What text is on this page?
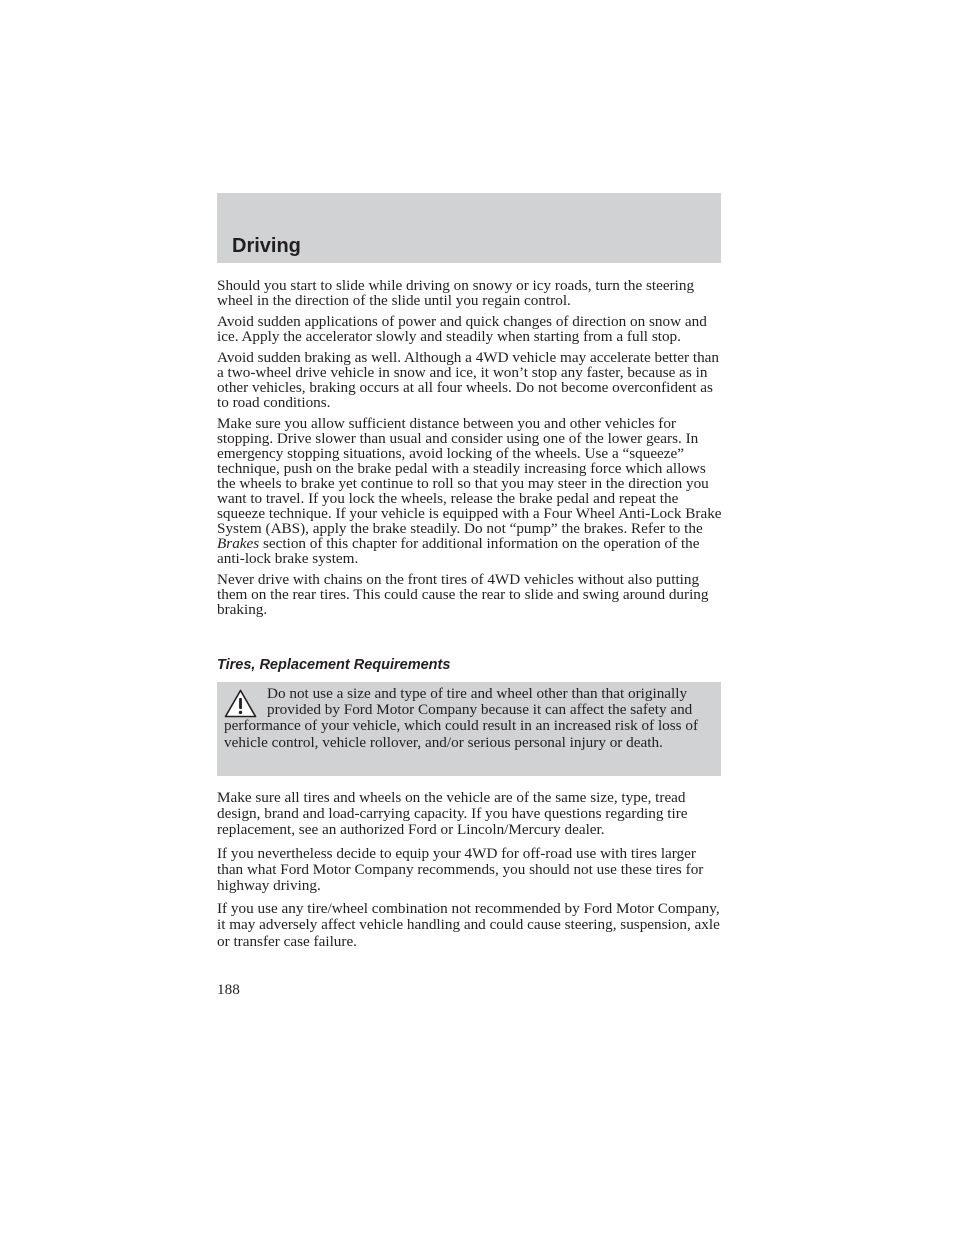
Driving

Should you start to slide while driving on snowy or icy roads, turn the steering wheel in the direction of the slide until you regain control.

Avoid sudden applications of power and quick changes of direction on snow and ice. Apply the accelerator slowly and steadily when starting from a full stop.

Avoid sudden braking as well. Although a 4WD vehicle may accelerate better than a two-wheel drive vehicle in snow and ice, it won’t stop any faster, because as in other vehicles, braking occurs at all four wheels. Do not become overconfident as to road conditions.

Make sure you allow sufficient distance between you and other vehicles for stopping. Drive slower than usual and consider using one of the lower gears. In emergency stopping situations, avoid locking of the wheels. Use a “squeeze” technique, push on the brake pedal with a steadily increasing force which allows the wheels to brake yet continue to roll so that you may steer in the direction you want to travel. If you lock the wheels, release the brake pedal and repeat the squeeze technique. If your vehicle is equipped with a Four Wheel Anti-Lock Brake System (ABS), apply the brake steadily. Do not “pump” the brakes. Refer to the Brakes section of this chapter for additional information on the operation of the anti-lock brake system.

Never drive with chains on the front tires of 4WD vehicles without also putting them on the rear tires. This could cause the rear to slide and swing around during braking.

Tires, Replacement Requirements

Do not use a size and type of tire and wheel other than that originally provided by Ford Motor Company because it can affect the safety and performance of your vehicle, which could result in an increased risk of loss of vehicle control, vehicle rollover, and/or serious personal injury or death.

Make sure all tires and wheels on the vehicle are of the same size, type, tread design, brand and load-carrying capacity. If you have questions regarding tire replacement, see an authorized Ford or Lincoln/Mercury dealer.

If you nevertheless decide to equip your 4WD for off-road use with tires larger than what Ford Motor Company recommends, you should not use these tires for highway driving.

If you use any tire/wheel combination not recommended by Ford Motor Company, it may adversely affect vehicle handling and could cause steering, suspension, axle or transfer case failure.

188
